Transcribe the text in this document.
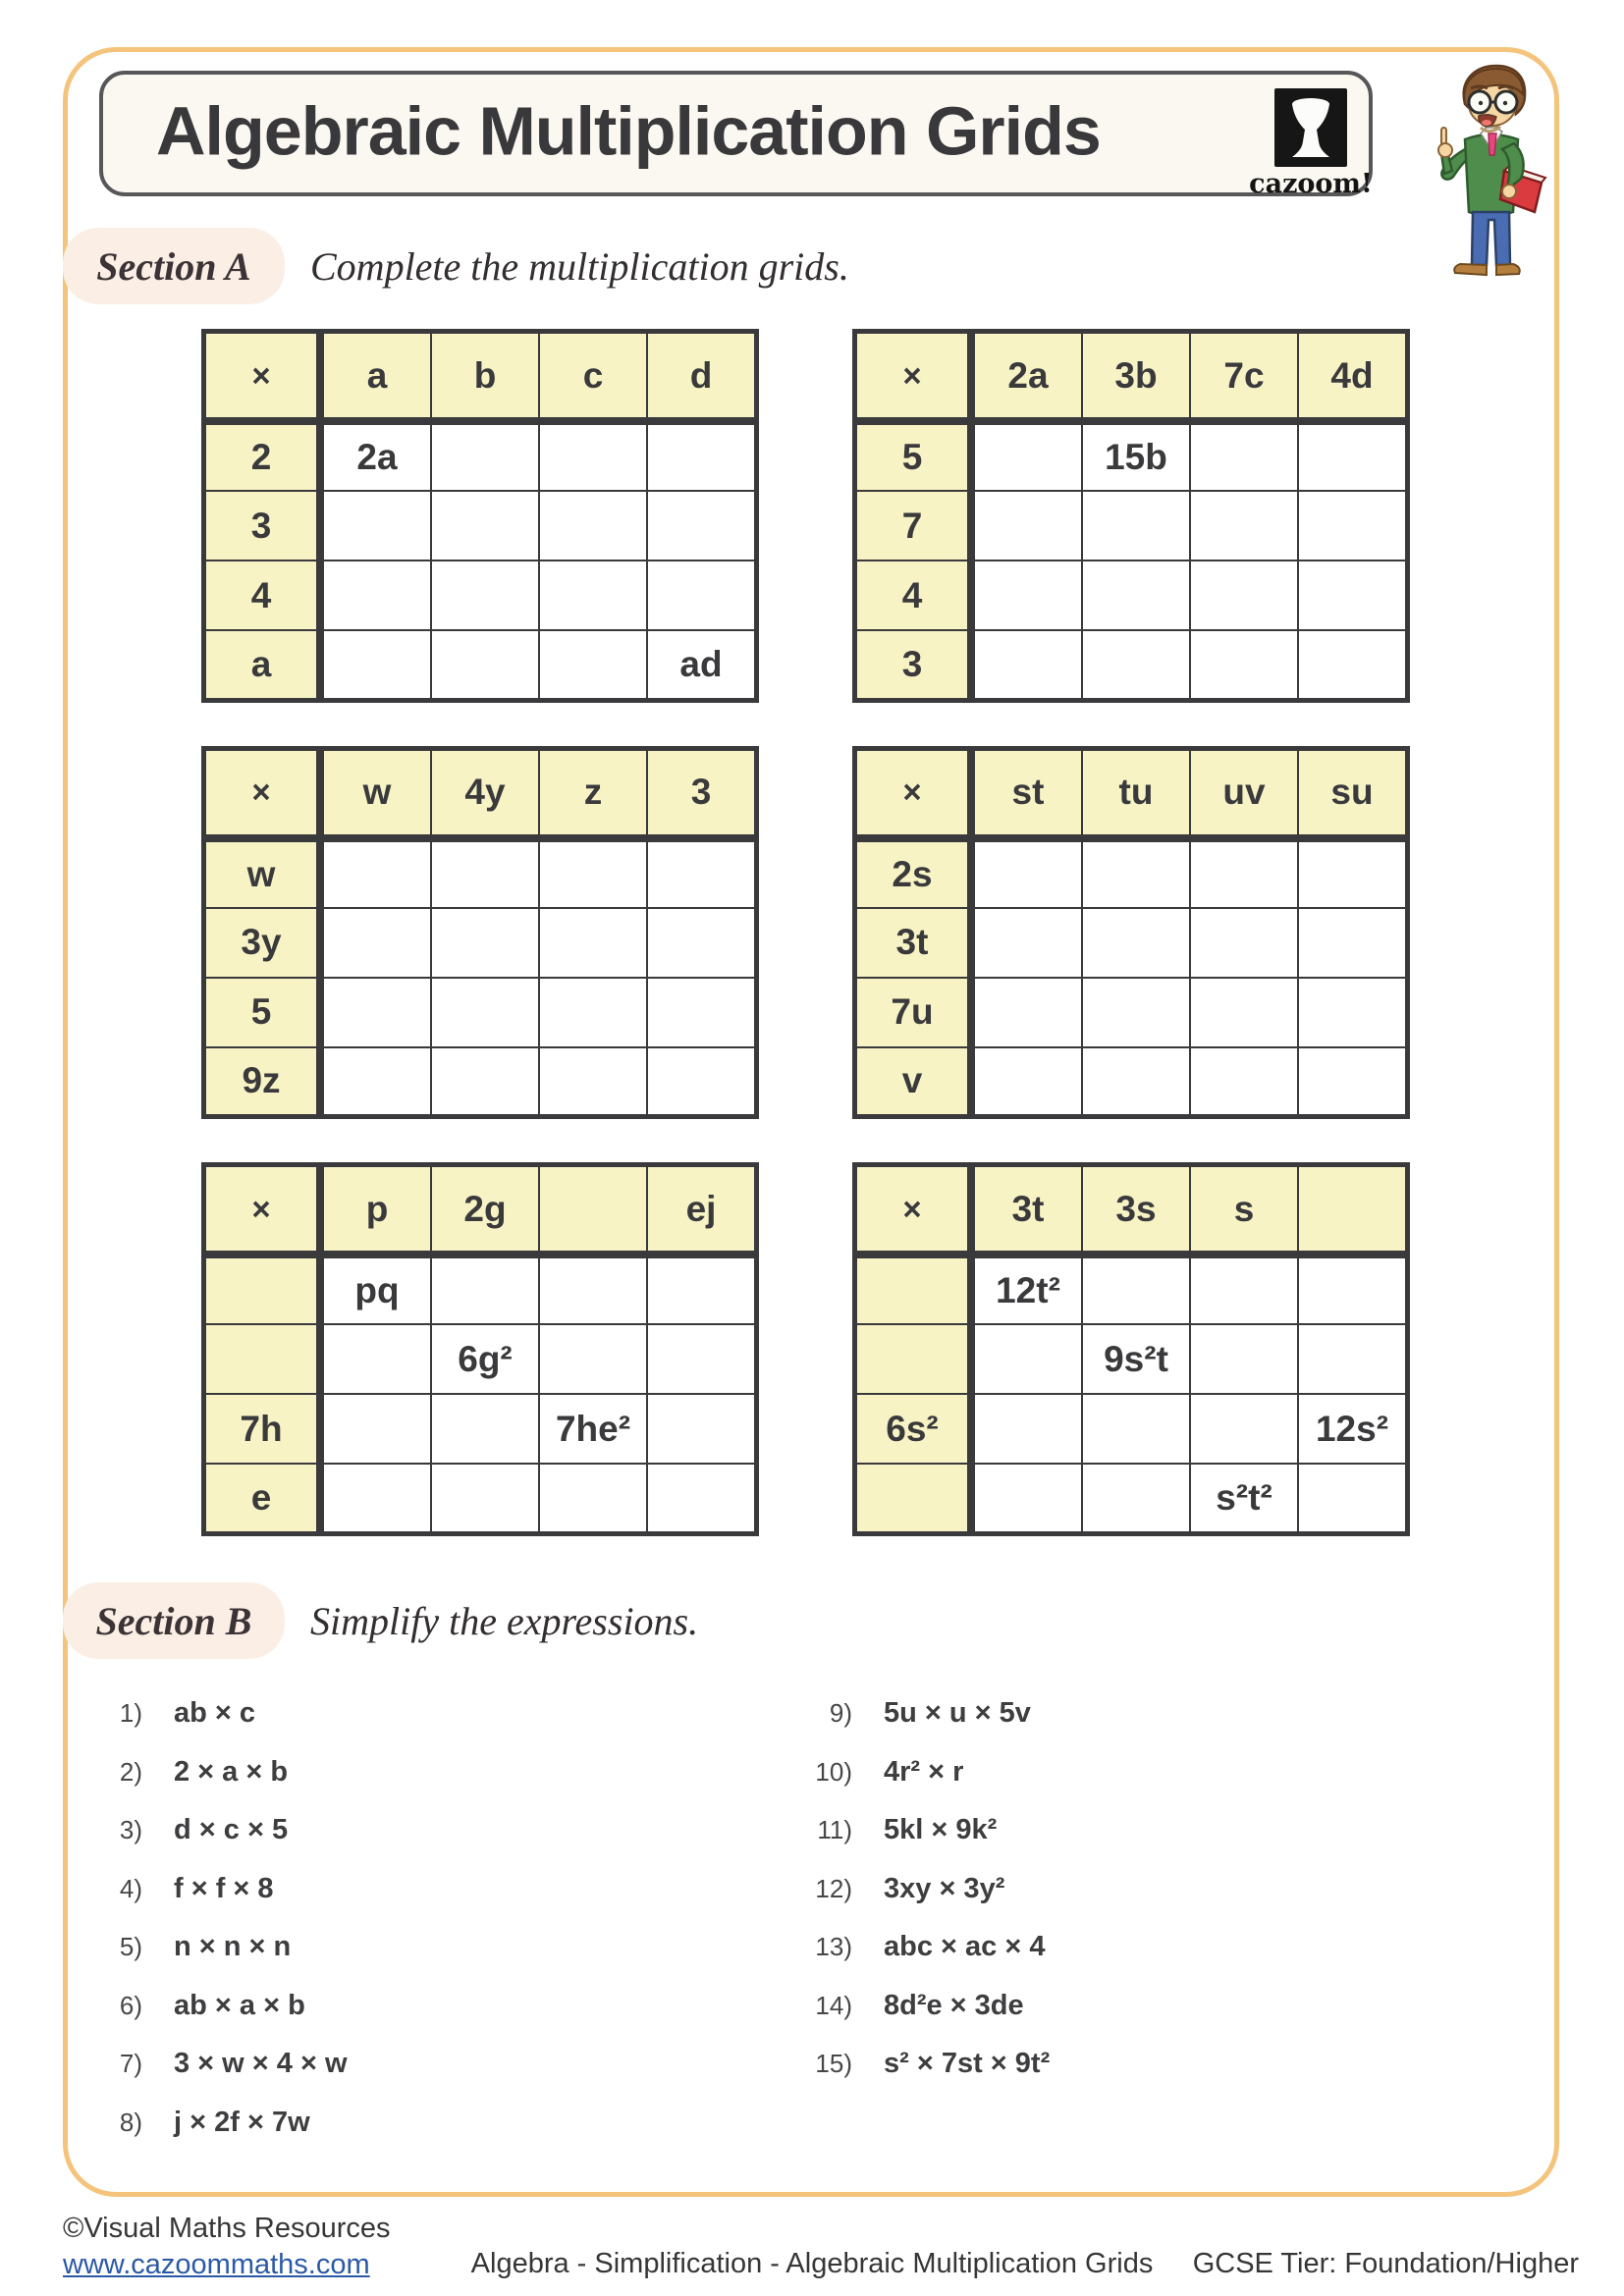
Algebraic Multiplication Grids
cazoom!
Section A Complete the multiplication grids.
×	a	b	c	d
2	2a			
3				
4				
a				ad
×	2a	3b	7c	4d
5		15b		
7				
4				
3				
×	w	4y	z	3
w				
3y				
5				
9z				
×	st	tu	uv	su
2s				
3t				
7u				
v				
×	p	2g		ej
	pq			
		6g²		
7h			7he²	
e				
×	3t	3s	s	
	12t²			
		9s²t		
6s²				12s²
			s²t²	
Section B Simplify the expressions.
1) ab × c
2) 2 × a × b
3) d × c × 5
4) f × f × 8
5) n × n × n
6) ab × a × b
7) 3 × w × 4 × w
8) j × 2f × 7w
9) 5u × u × 5v
10) 4r² × r
11) 5kl × 9k²
12) 3xy × 3y²
13) abc × ac × 4
14) 8d²e × 3de
15) s² × 7st × 9t²
©Visual Maths Resources
www.cazoommaths.com	Algebra - Simplification - Algebraic Multiplication Grids GCSE Tier: Foundation/Higher
